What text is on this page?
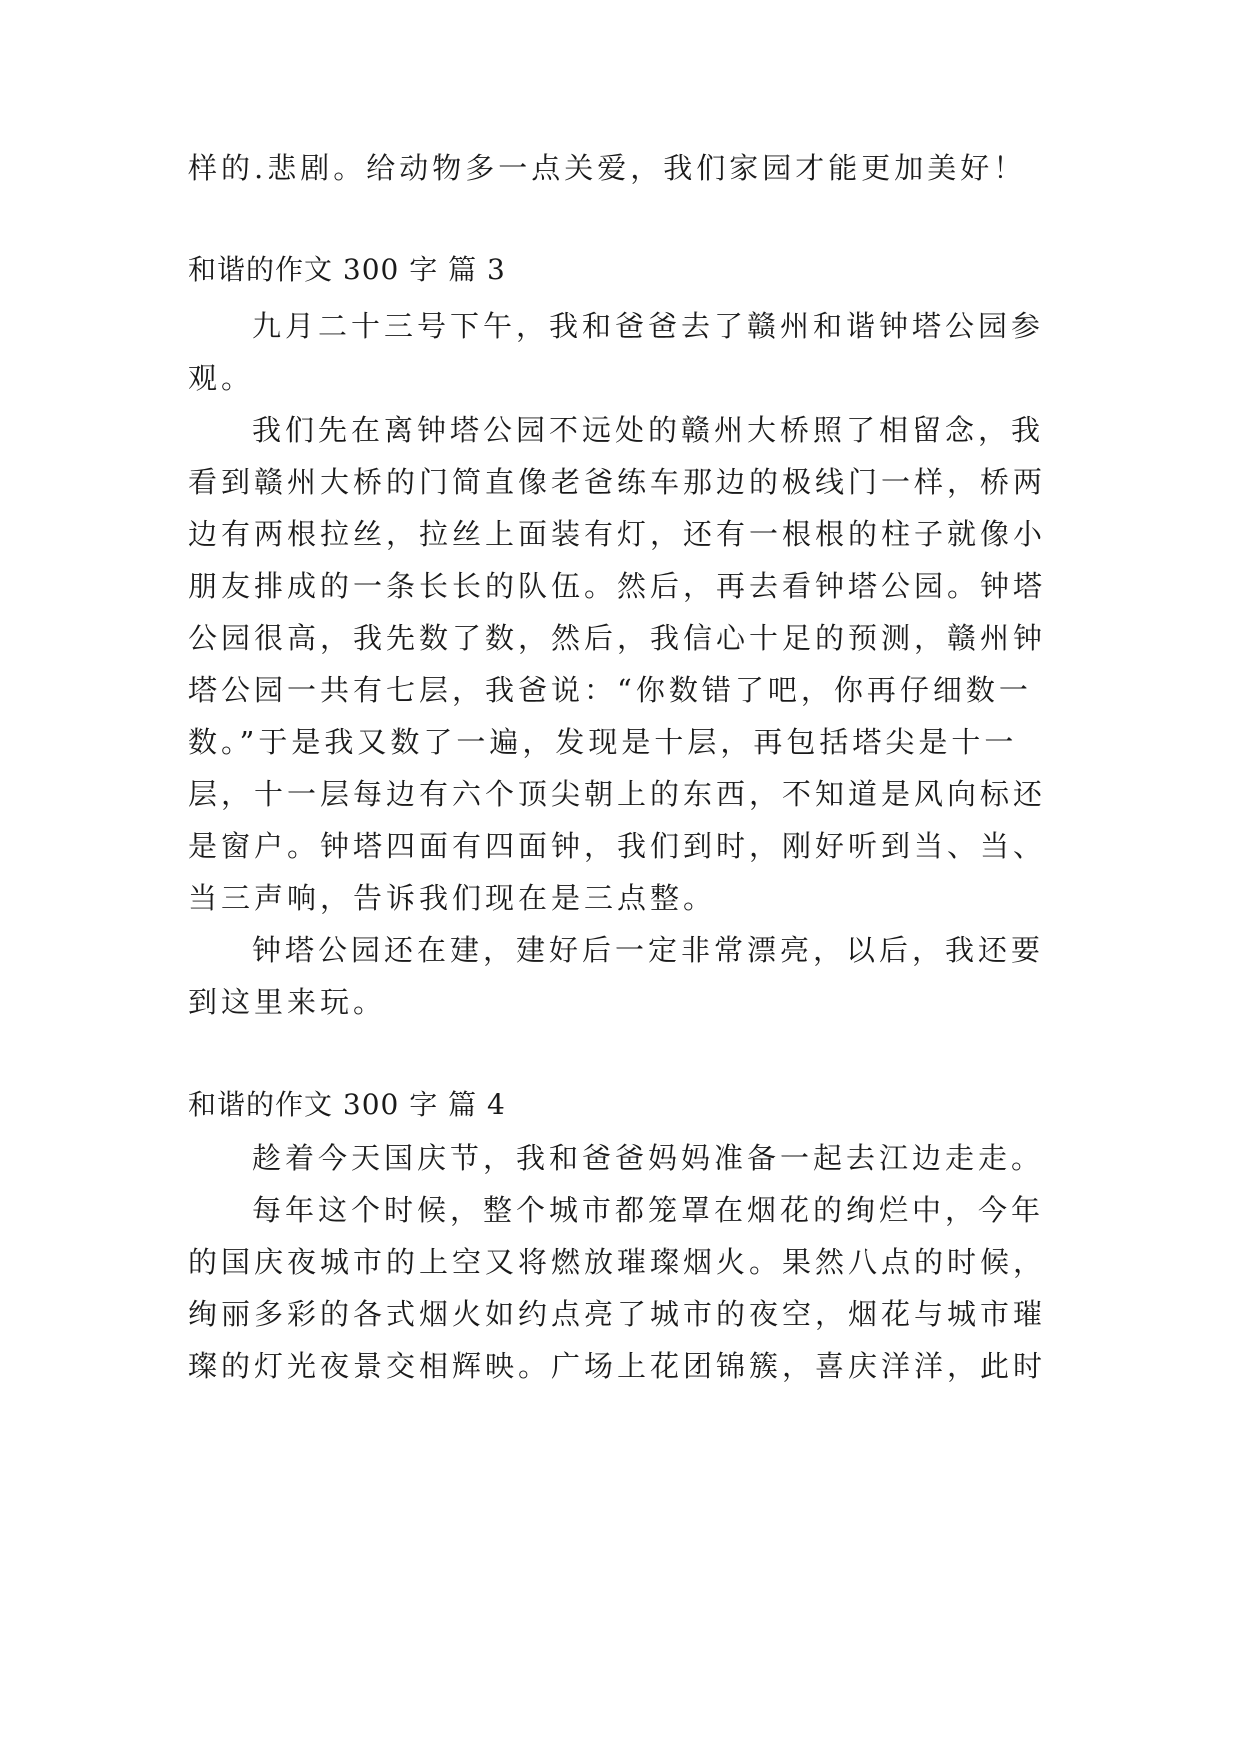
样的.悲剧。给动物多一点关爱，我们家园才能更加美好！
和谐的作文 300 字 篇 3
九月二十三号下午，我和爸爸去了赣州和谐钟塔公园参
观。
我们先在离钟塔公园不远处的赣州大桥照了相留念，我
看到赣州大桥的门简直像老爸练车那边的极线门一样，桥两
边有两根拉丝，拉丝上面装有灯，还有一根根的柱子就像小
朋友排成的一条长长的队伍。然后，再去看钟塔公园。钟塔
公园很高，我先数了数，然后，我信心十足的预测，赣州钟
塔公园一共有七层，我爸说：“你数错了吧，你再仔细数一
数。”于是我又数了一遍，发现是十层，再包括塔尖是十一
层，十一层每边有六个顶尖朝上的东西，不知道是风向标还
是窗户。钟塔四面有四面钟，我们到时，刚好听到当、当、
当三声响，告诉我们现在是三点整。
钟塔公园还在建，建好后一定非常漂亮，以后，我还要
到这里来玩。
和谐的作文 300 字 篇 4
趁着今天国庆节，我和爸爸妈妈准备一起去江边走走。
每年这个时候，整个城市都笼罩在烟花的绚烂中，今年
的国庆夜城市的上空又将燃放璀璨烟火。果然八点的时候，
绚丽多彩的各式烟火如约点亮了城市的夜空，烟花与城市璀
璨的灯光夜景交相辉映。广场上花团锦簇，喜庆洋洋，此时
